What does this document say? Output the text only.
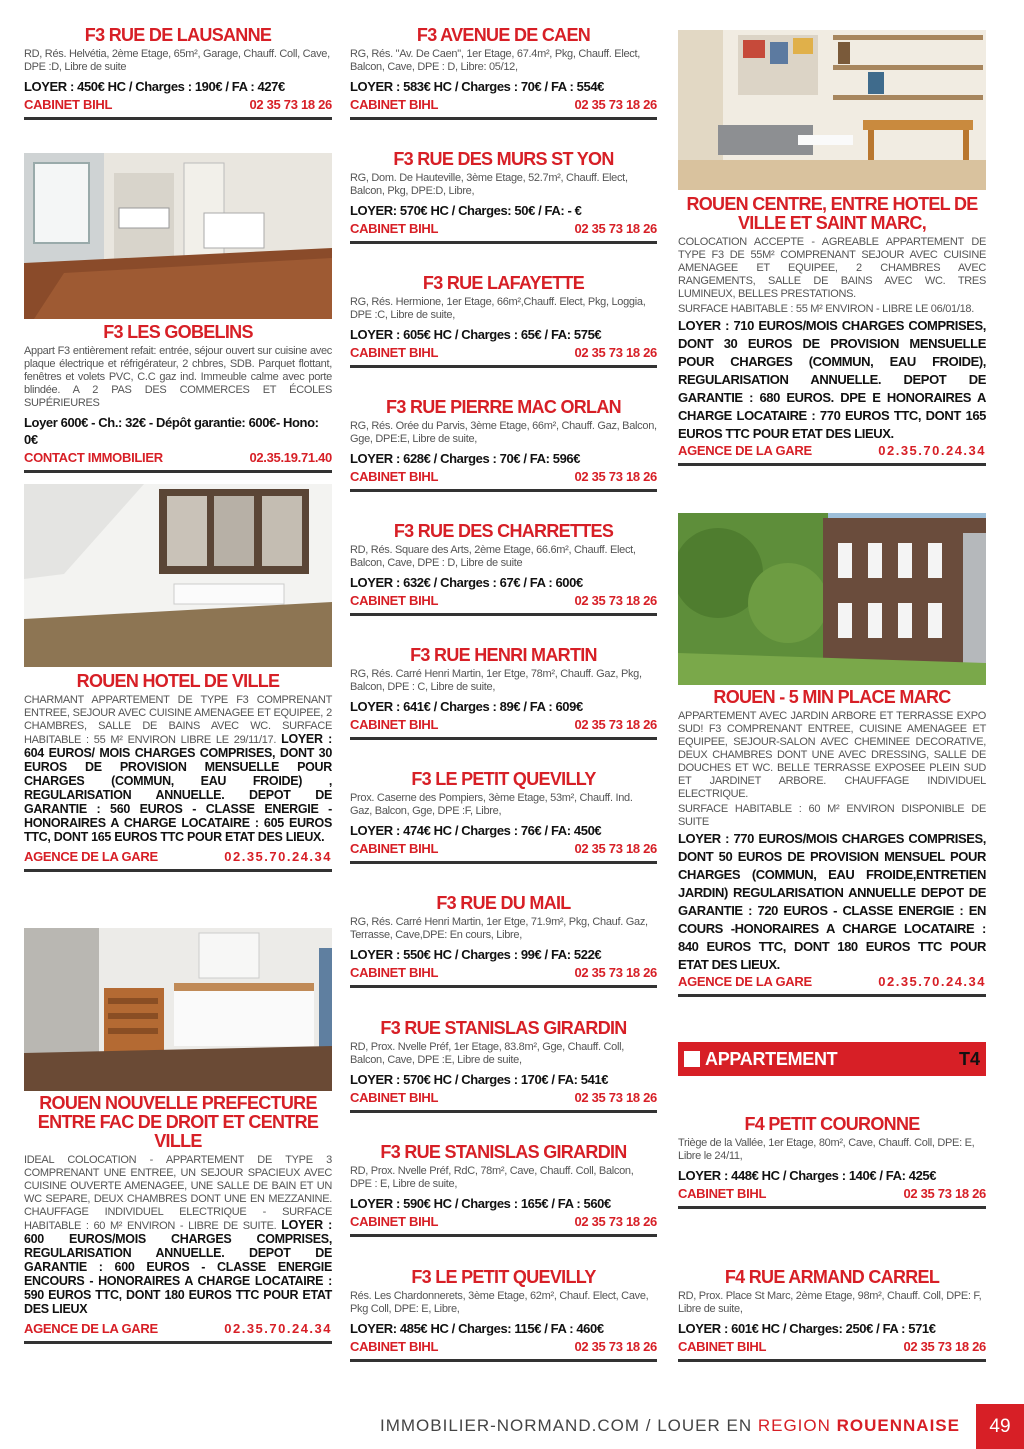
F3 RUE DE LAUSANNE
RD, Rés. Helvétia, 2ème Etage, 65m², Garage, Chauff. Coll, Cave, DPE :D, Libre de suite
LOYER : 450€ HC / Charges : 190€ / FA : 427€
CABINET BIHL	02 35 73 18 26
F3 LES GOBELINS
Appart F3 entièrement refait: entrée, séjour ouvert sur cuisine avec plaque électrique et réfrigérateur, 2 chbres, SDB. Parquet flottant, fenêtres et volets PVC, C.C gaz ind. Immeuble calme avec porte blindée. A 2 PAS DES COMMERCES ET ÉCOLES SUPÉRIEURES
Loyer 600€ - Ch.: 32€ - Dépôt garantie: 600€- Hono: 0€
CONTACT IMMOBILIER	02.35.19.71.40
ROUEN HOTEL DE VILLE
CHARMANT APPARTEMENT DE TYPE F3 COMPRENANT ENTREE, SEJOUR AVEC CUISINE AMENAGEE ET EQUIPEE, 2 CHAMBRES, SALLE DE BAINS AVEC WC. SURFACE HABITABLE : 55 M² ENVIRON LIBRE LE 29/11/17. LOYER : 604 EUROS/ MOIS CHARGES COMPRISES, DONT 30 EUROS DE PROVISION MENSUELLE POUR CHARGES (COMMUN, EAU FROIDE) , REGULARISATION ANNUELLE. DEPOT DE GARANTIE : 560 EUROS - CLASSE ENERGIE - HONORAIRES A CHARGE LOCATAIRE : 605 EUROS TTC, DONT 165 EUROS TTC POUR ETAT DES LIEUX.
AGENCE DE LA GARE	02.35.70.24.34
ROUEN NOUVELLE PREFECTURE ENTRE FAC DE DROIT ET CENTRE VILLE
IDEAL COLOCATION - APPARTEMENT DE TYPE 3 COMPRENANT UNE ENTREE, UN SEJOUR SPACIEUX AVEC CUISINE OUVERTE AMENAGEE, UNE SALLE DE BAIN ET UN WC SEPARE, DEUX CHAMBRES DONT UNE EN MEZZANINE. CHAUFFAGE INDIVIDUEL ELECTRIQUE - SURFACE HABITABLE : 60 M² ENVIRON - LIBRE DE SUITE. LOYER : 600 EUROS/MOIS CHARGES COMPRISES, REGULARISATION ANNUELLE. DEPOT DE GARANTIE : 600 EUROS - CLASSE ENERGIE ENCOURS - HONORAIRES A CHARGE LOCATAIRE : 590 EUROS TTC, DONT 180 EUROS TTC POUR ETAT DES LIEUX
AGENCE DE LA GARE	02.35.70.24.34
F3 AVENUE DE CAEN
RG, Rés. "Av. De Caen", 1er Etage, 67.4m², Pkg, Chauff. Elect, Balcon, Cave, DPE : D, Libre: 05/12,
LOYER : 583€ HC / Charges : 70€ / FA : 554€
CABINET BIHL	02 35 73 18 26
F3 RUE DES MURS ST YON
RG, Dom. De Hauteville, 3ème Etage, 52.7m², Chauff. Elect, Balcon, Pkg, DPE:D, Libre,
LOYER: 570€ HC / Charges: 50€ / FA: - €
CABINET BIHL	02 35 73 18 26
F3 RUE LAFAYETTE
RG, Rés. Hermione, 1er Etage, 66m²,Chauff. Elect, Pkg, Loggia, DPE :C, Libre de suite,
LOYER : 605€ HC / Charges : 65€ / FA: 575€
CABINET BIHL	02 35 73 18 26
F3 RUE PIERRE MAC ORLAN
RG, Rés. Orée du Parvis, 3ème Etage, 66m², Chauff. Gaz, Balcon, Gge, DPE:E, Libre de suite,
LOYER : 628€ / Charges : 70€ / FA: 596€
CABINET BIHL	02 35 73 18 26
F3 RUE DES CHARRETTES
RD, Rés. Square des Arts, 2ème Etage, 66.6m², Chauff. Elect, Balcon, Cave, DPE : D, Libre de suite
LOYER : 632€ / Charges : 67€ / FA : 600€
CABINET BIHL	02 35 73 18 26
F3 RUE HENRI MARTIN
RG, Rés. Carré Henri Martin, 1er Etge, 78m², Chauff. Gaz, Pkg, Balcon, DPE : C, Libre de suite,
LOYER : 641€ / Charges : 89€ / FA : 609€
CABINET BIHL	02 35 73 18 26
F3 LE PETIT QUEVILLY
Prox. Caserne des Pompiers, 3ème Etage, 53m², Chauff. Ind. Gaz, Balcon, Gge, DPE :F, Libre,
LOYER : 474€ HC / Charges : 76€ / FA: 450€
CABINET BIHL	02 35 73 18 26
F3 RUE DU MAIL
RG, Rés. Carré Henri Martin, 1er Etge, 71.9m², Pkg, Chauf. Gaz, Terrasse, Cave,DPE: En cours, Libre,
LOYER : 550€ HC / Charges : 99€ / FA: 522€
CABINET BIHL	02 35 73 18 26
F3 RUE STANISLAS GIRARDIN
RD, Prox. Nvelle Préf, 1er Etage, 83.8m², Gge, Chauff. Coll, Balcon, Cave, DPE :E, Libre de suite,
LOYER : 570€ HC / Charges : 170€ / FA: 541€
CABINET BIHL	02 35 73 18 26
F3 RUE STANISLAS GIRARDIN
RD, Prox. Nvelle Préf, RdC, 78m², Cave, Chauff. Coll, Balcon, DPE : E, Libre de suite,
LOYER : 590€ HC / Charges : 165€ / FA : 560€
CABINET BIHL	02 35 73 18 26
F3 LE PETIT QUEVILLY
Rés. Les Chardonnerets, 3ème Etage, 62m², Chauf. Elect, Cave, Pkg Coll, DPE: E, Libre,
LOYER: 485€ HC / Charges: 115€ / FA : 460€
CABINET BIHL	02 35 73 18 26
ROUEN CENTRE, ENTRE HOTEL DE VILLE ET SAINT MARC,
COLOCATION ACCEPTE - AGREABLE APPARTEMENT DE TYPE F3 DE 55M² COMPRENANT SEJOUR AVEC CUISINE AMENAGEE ET EQUIPEE, 2 CHAMBRES AVEC RANGEMENTS, SALLE DE BAINS AVEC WC. TRES LUMINEUX, BELLES PRESTATIONS.
SURFACE HABITABLE : 55 M² ENVIRON - LIBRE LE 06/01/18.
LOYER : 710 EUROS/MOIS CHARGES COMPRISES, DONT 30 EUROS DE PROVISION MENSUELLE POUR CHARGES (COMMUN, EAU FROIDE), REGULARISATION ANNUELLE. DEPOT DE GARANTIE : 680 EUROS. DPE E HONORAIRES A CHARGE LOCATAIRE : 770 EUROS TTC, DONT 165 EUROS TTC POUR ETAT DES LIEUX.
AGENCE DE LA GARE	02.35.70.24.34
ROUEN - 5 MIN PLACE MARC
APPARTEMENT AVEC JARDIN ARBORE ET TERRASSE EXPO SUD! F3 COMPRENANT ENTREE, CUISINE AMENAGEE ET EQUIPEE, SEJOUR-SALON AVEC CHEMINEE DECORATIVE, DEUX CHAMBRES DONT UNE AVEC DRESSING, SALLE DE DOUCHES ET WC. BELLE TERRASSE EXPOSEE PLEIN SUD ET JARDINET ARBORE. CHAUFFAGE INDIVIDUEL ELECTRIQUE.
SURFACE HABITABLE : 60 M² ENVIRON DISPONIBLE DE SUITE
LOYER : 770 EUROS/MOIS CHARGES COMPRISES, DONT 50 EUROS DE PROVISION MENSUEL POUR CHARGES (COMMUN, EAU FROIDE,ENTRETIEN JARDIN) REGULARISATION ANNUELLE DEPOT DE GARANTIE : 720 EUROS - CLASSE ENERGIE : EN COURS -HONORAIRES A CHARGE LOCATAIRE : 840 EUROS TTC, DONT 180 EUROS TTC POUR ETAT DES LIEUX.
AGENCE DE LA GARE	02.35.70.24.34
APPARTEMENT	T4
F4 PETIT COURONNE
Triège de la Vallée, 1er Etage, 80m², Cave, Chauff. Coll, DPE: E, Libre le 24/11,
LOYER : 448€ HC / Charges : 140€ / FA: 425€
CABINET BIHL	02 35 73 18 26
F4 RUE ARMAND CARREL
RD, Prox. Place St Marc, 2ème Etage, 98m², Chauff. Coll, DPE: F, Libre de suite,
LOYER : 601€ HC / Charges: 250€ / FA : 571€
CABINET BIHL	02 35 73 18 26
IMMOBILIER-NORMAND.COM / LOUER EN REGION ROUENNAISE	49
